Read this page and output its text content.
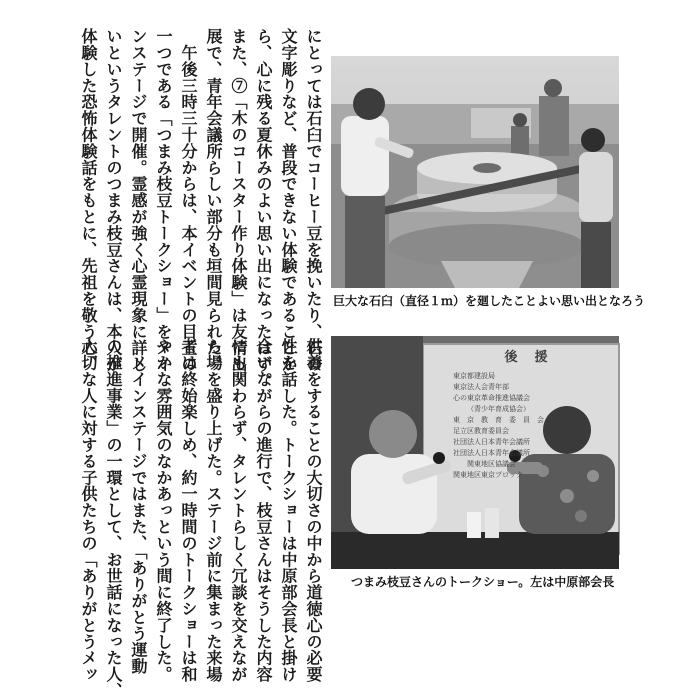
にとっては石臼でコーヒー豆を挽いたり、石の
文字彫りなど、普段できない体験であることか
ら、心に残る夏休みのよい思い出になったはず。
また、⑦「木のコースター作り体験」は友情出
展で、青年会議所らしい部分も垣間見られた。
　午後三時三十分からは、本イベントの目玉の
一つである「つまみ枝豆トークショー」をメイ
ンステージで開催。霊感が強く心霊現象に詳し
いというタレントのつまみ枝豆さんは、本人が
体験した恐怖体験話をもとに、先祖を敬う心、
供養をすることの大切さの中から道徳心の必要
性を話した。トークショーは中原部会長と掛け
合いながらの進行で、枝豆さんはそうした内容
にも関わらず、タレントらしく冗談を交えなが
ら場を盛り上げた。ステージ前に集まった来場
者は終始楽しめ、約一時間のトークショーは和
やかな雰囲気のなかあっという間に終了した。
　メインステージではまた、「ありがとう運動
の推進事業」の一環として、お世話になった人、
大切な人に対する子供たちの「ありがとうメッ
巨大な石臼（直径１ｍ）を廻したことよい思い出となろう
後　援
東京都建設局
東京法人会青年部
心の東京革命推進協議会
（青少年育成協会）
東　京　教　育　委　員　会
足立区教育委員会
社団法人日本青年会議所
社団法人日本青年会議所
関東地区協議会
関東地区東京ブロック
つまみ枝豆さんのトークショー。左は中原部会長
